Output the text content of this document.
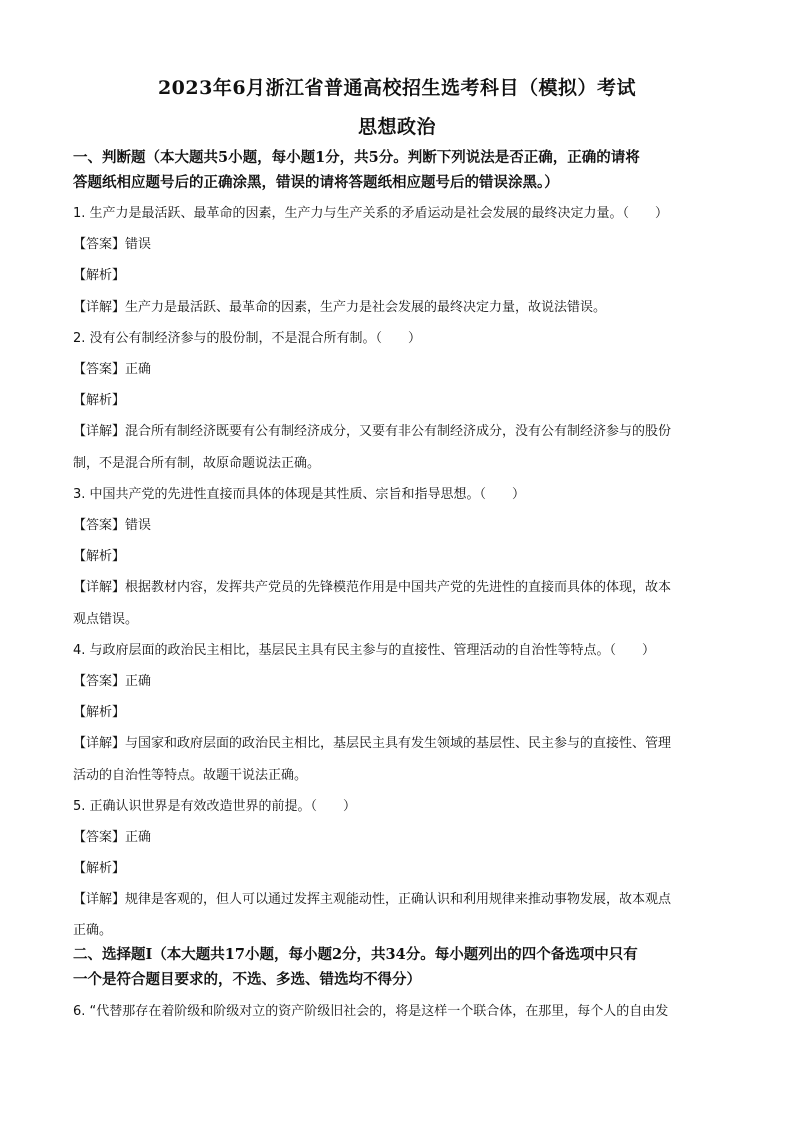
2023年6月浙江省普通高校招生选考科目（模拟）考试
思想政治
一、判断题（本大题共5小题，每小题1分，共5分。判断下列说法是否正确，正确的请将
答题纸相应题号后的正确涂黑，错误的请将答题纸相应题号后的错误涂黑。）
1. 生产力是最活跃、最革命的因素，生产力与生产关系的矛盾运动是社会发展的最终决定力量。（　　）
【答案】错误
【解析】
【详解】生产力是最活跃、最革命的因素，生产力是社会发展的最终决定力量，故说法错误。
2. 没有公有制经济参与的股份制，不是混合所有制。（　　）
【答案】正确
【解析】
【详解】混合所有制经济既要有公有制经济成分，又要有非公有制经济成分，没有公有制经济参与的股份
制，不是混合所有制，故原命题说法正确。
3. 中国共产党的先进性直接而具体的体现是其性质、宗旨和指导思想。（　　）
【答案】错误
【解析】
【详解】根据教材内容，发挥共产党员的先锋模范作用是中国共产党的先进性的直接而具体的体现，故本
观点错误。
4. 与政府层面的政治民主相比，基层民主具有民主参与的直接性、管理活动的自治性等特点。（　　）
【答案】正确
【解析】
【详解】与国家和政府层面的政治民主相比，基层民主具有发生领域的基层性、民主参与的直接性、管理
活动的自治性等特点。故题干说法正确。
5. 正确认识世界是有效改造世界的前提。（　　）
【答案】正确
【解析】
【详解】规律是客观的，但人可以通过发挥主观能动性，正确认识和利用规律来推动事物发展，故本观点
正确。
二、选择题Ⅰ（本大题共17小题，每小题2分，共34分。每小题列出的四个备选项中只有
一个是符合题目要求的，不选、多选、错选均不得分）
6. “代替那存在着阶级和阶级对立的资产阶级旧社会的，将是这样一个联合体，在那里，每个人的自由发
